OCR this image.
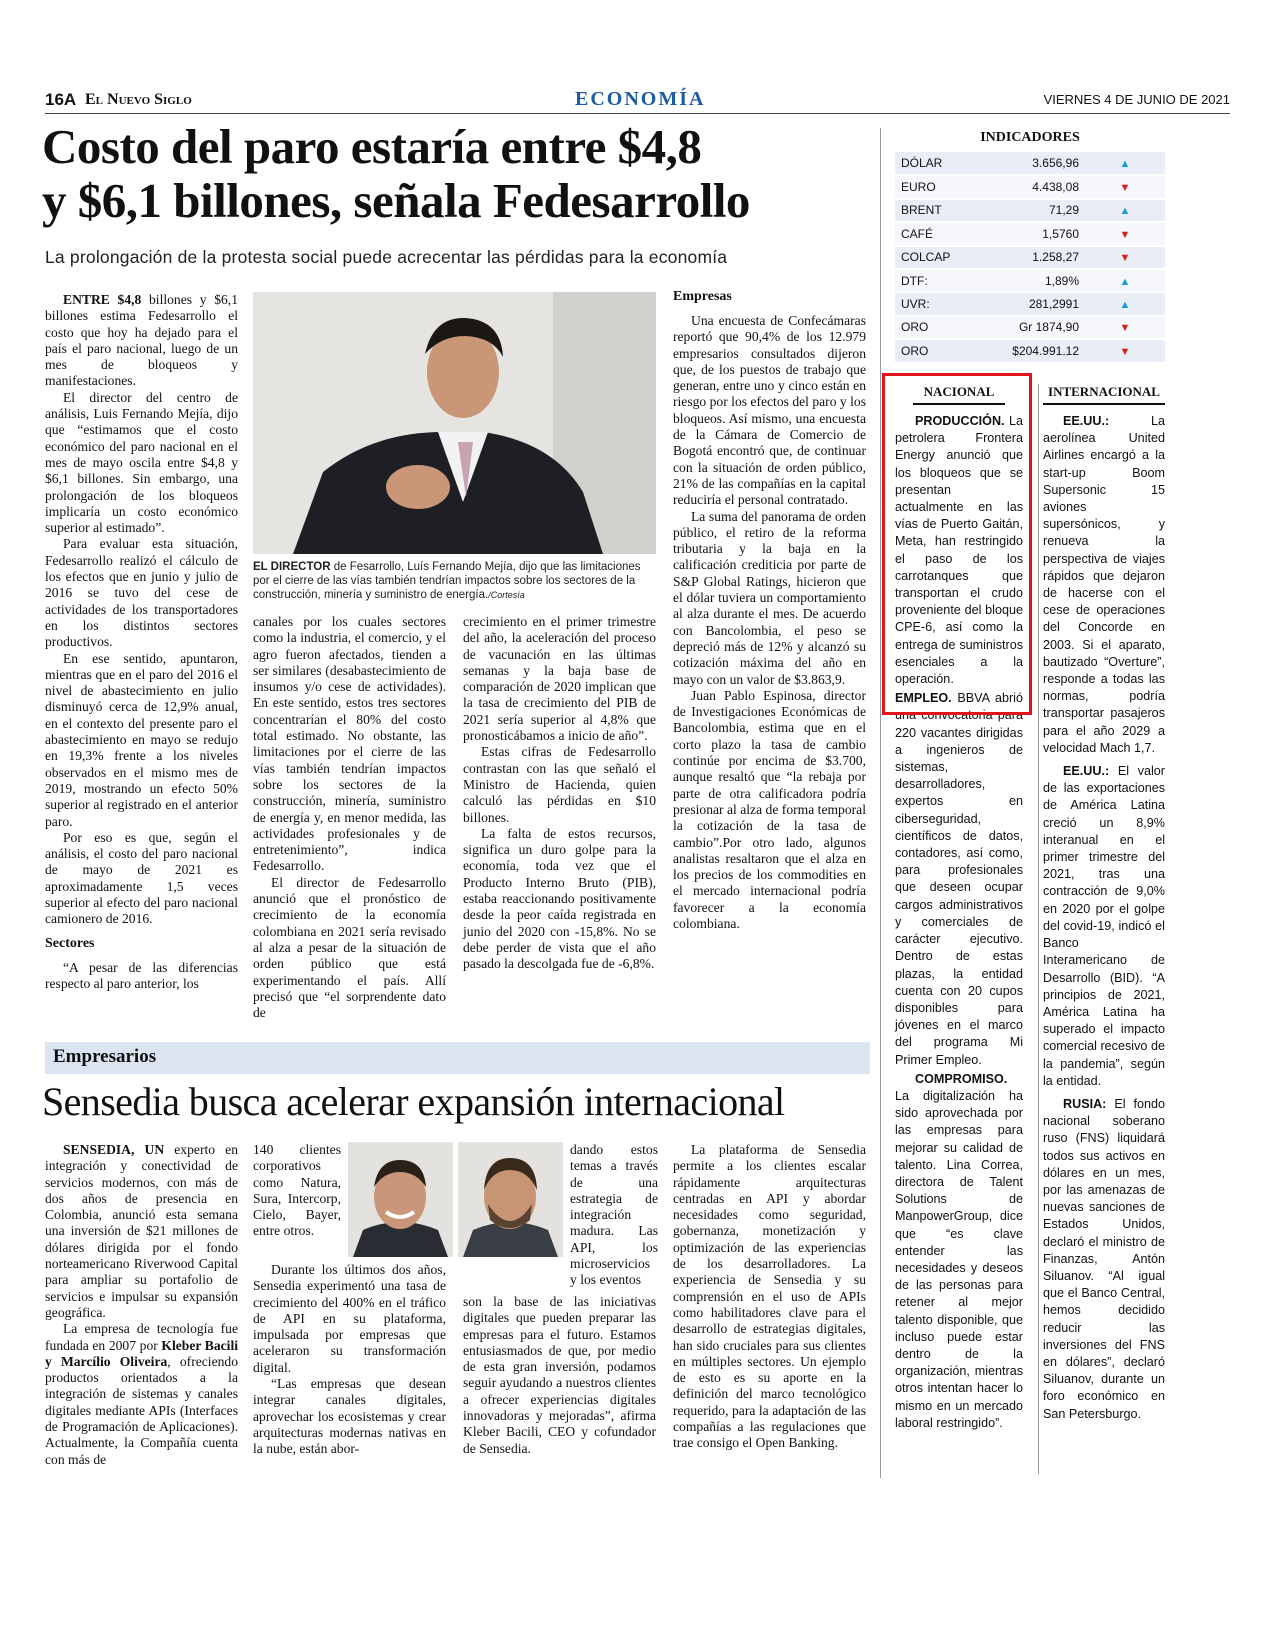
16A El Nuevo Siglo	ECONOMÍA	VIERNES 4 DE JUNIO DE 2021
Costo del paro estaría entre $4,8
y $6,1 billones, señala Fedesarrollo
La prolongación de la protesta social puede acrecentar las pérdidas para la economía

ENTRE $4,8 billones y $6,1 billones estima Fedesarrollo el costo que hoy ha dejado para el país el paro nacional, luego de un mes de bloqueos y manifestaciones.

El director del centro de análisis, Luis Fernando Mejía, dijo que “estimamos que el costo económico del paro nacional en el mes de mayo oscila entre $4,8 y $6,1 billones. Sin embargo, una prolongación de los bloqueos implicaría un costo económico superior al estimado”.

Para evaluar esta situación, Fedesarrollo realizó el cálculo de los efectos que en junio y julio de 2016 se tuvo del cese de actividades de los transportadores en los distintos sectores productivos.

En ese sentido, apuntaron, mientras que en el paro del 2016 el nivel de abastecimiento en julio disminuyó cerca de 12,9% anual, en el contexto del presente paro el abastecimiento en mayo se redujo en 19,3% frente a los niveles observados en el mismo mes de 2019, mostrando un efecto 50% superior al registrado en el anterior paro.

Por eso es que, según el análisis, el costo del paro nacional de mayo de 2021 es aproximadamente 1,5 veces superior al efecto del paro nacional camionero de 2016.

Sectores

“A pesar de las diferencias respecto al paro anterior, los

EL DIRECTOR de Fesarrollo, Luís Fernando Mejía, dijo que las limitaciones por el cierre de las vías también tendrían impactos sobre los sectores de la construcción, minería y suministro de energía./Cortesía

canales por los cuales sectores como la industria, el comercio, y el agro fueron afectados, tienden a ser similares (desabastecimiento de insumos y/o cese de actividades). En este sentido, estos tres sectores concentrarían el 80% del costo total estimado. No obstante, las limitaciones por el cierre de las vías también tendrían impactos sobre los sectores de la construcción, minería, suministro de energía y, en menor medida, las actividades profesionales y de entretenimiento”, indica Fedesarrollo.

El director de Fedesarrollo anunció que el pronóstico de crecimiento de la economía colombiana en 2021 sería revisado al alza a pesar de la situación de orden público que está experimentando el país. Allí precisó que “el sorprendente dato de

crecimiento en el primer trimestre del año, la aceleración del proceso de vacunación en las últimas semanas y la baja base de comparación de 2020 implican que la tasa de crecimiento del PIB de 2021 sería superior al 4,8% que pronosticábamos a inicio de año”.

Estas cifras de Fedesarrollo contrastan con las que señaló el Ministro de Hacienda, quien calculó las pérdidas en $10 billones.

La falta de estos recursos, significa un duro golpe para la economía, toda vez que el Producto Interno Bruto (PIB), estaba reaccionando positivamente desde la peor caída registrada en junio del 2020 con -15,8%. No se debe perder de vista que el año pasado la descolgada fue de -6,8%.

Empresas

Una encuesta de Confecámaras reportó que 90,4% de los 12.979 empresarios consultados dijeron que, de los puestos de trabajo que generan, entre uno y cinco están en riesgo por los efectos del paro y los bloqueos. Así mismo, una encuesta de la Cámara de Comercio de Bogotá encontró que, de continuar con la situación de orden público, 21% de las compañías en la capital reduciría el personal contratado.

La suma del panorama de orden público, el retiro de la reforma tributaria y la baja en la calificación crediticia por parte de S&P Global Ratings, hicieron que el dólar tuviera un comportamiento al alza durante el mes. De acuerdo con Bancolombia, el peso se depreció más de 12% y alcanzó su cotización máxima del año en mayo con un valor de $3.863,9.

Juan Pablo Espinosa, director de Investigaciones Económicas de Bancolombia, estima que en el corto plazo la tasa de cambio continúe por encima de $3.700, aunque resaltó que “la rebaja por parte de otra calificadora podría presionar al alza de forma temporal la cotización de la tasa de cambio”.Por otro lado, algunos analistas resaltaron que el alza en los precios de los commodities en el mercado internacional podría favorecer a la economía colombiana.

Empresarios
Sensedia busca acelerar expansión internacional

SENSEDIA, UN experto en integración y conectividad de servicios modernos, con más de dos años de presencia en Colombia, anunció esta semana una inversión de $21 millones de dólares dirigida por el fondo norteamericano Riverwood Capital para ampliar su portafolio de servicios e impulsar su expansión geográfica.

La empresa de tecnología fue fundada en 2007 por Kleber Bacili y Marcílio Oliveira, ofreciendo productos orientados a la integración de sistemas y canales digitales mediante APIs (Interfaces de Programación de Aplicaciones). Actualmente, la Compañía cuenta con más de

140 clientes corporativos como Natura, Sura, Intercorp, Cielo, Bayer, entre otros.

Durante los últimos dos años, Sensedia experimentó una tasa de crecimiento del 400% en el tráfico de API en su plataforma, impulsada por empresas que aceleraron su transformación digital.

“Las empresas que desean integrar canales digitales, aprovechar los ecosistemas y crear arquitecturas modernas nativas en la nube, están abor-

dando estos temas a través de una estrategia de integración madura. Las API, los microservicios y los eventos

son la base de las iniciativas digitales que pueden preparar las empresas para el futuro. Estamos entusiasmados de que, por medio de esta gran inversión, podamos seguir ayudando a nuestros clientes a ofrecer experiencias digitales innovadoras y mejoradas”, afirma Kleber Bacili, CEO y cofundador de Sensedia.

La plataforma de Sensedia permite a los clientes escalar rápidamente arquitecturas centradas en API y abordar necesidades como seguridad, gobernanza, monetización y optimización de las experiencias de los desarrolladores. La experiencia de Sensedia y su comprensión en el uso de APIs como habilitadores clave para el desarrollo de estrategias digitales, han sido cruciales para sus clientes en múltiples sectores. Un ejemplo de esto es su aporte en la definición del marco tecnológico requerido, para la adaptación de las compañías a las regulaciones que trae consigo el Open Banking.

INDICADORES
DÓLAR	3.656,96	▲
EURO	4.438,08	▼
BRENT	71,29	▲
CAFÉ	1,5760	▼
COLCAP	1.258,27	▼
DTF:	1,89%	▲
UVR:	281,2991	▲
ORO	Gr 1874,90	▼
ORO	$204.991.12	▼
NACIONAL

PRODUCCIÓN. La petrolera Frontera Energy anunció que los bloqueos que se presentan actualmente en las vías de Puerto Gaitán, Meta, han restringido el paso de los carrotanques que transportan el crudo proveniente del bloque CPE-6, así como la entrega de suministros esenciales a la operación.

EMPLEO. BBVA abrió una convocatoria para 220 vacantes dirigidas a ingenieros de sistemas, desarrolladores, expertos en ciberseguridad, científicos de datos, contadores, así como, para profesionales que deseen ocupar cargos administrativos y comerciales de carácter ejecutivo. Dentro de estas plazas, la entidad cuenta con 20 cupos disponibles para jóvenes en el marco del programa Mi Primer Empleo.

COMPROMISO. La digitalización ha sido aprovechada por las empresas para mejorar su calidad de talento. Lina Correa, directora de Talent Solutions de ManpowerGroup, dice que “es clave entender las necesidades y deseos de las personas para retener al mejor talento disponible, que incluso puede estar dentro de la organización, mientras otros intentan hacer lo mismo en un mercado laboral restringido”.

INTERNACIONAL

EE.UU.: La aerolínea United Airlines encargó a la start-up Boom Supersonic 15 aviones supersónicos, y renueva la perspectiva de viajes rápidos que dejaron de hacerse con el cese de operaciones del Concorde en 2003. Si el aparato, bautizado “Overture”, responde a todas las normas, podría transportar pasajeros para el año 2029 a velocidad Mach 1,7.

EE.UU.: El valor de las exportaciones de América Latina creció un 8,9% interanual en el primer trimestre del 2021, tras una contracción de 9,0% en 2020 por el golpe del covid-19, indicó el Banco Interamericano de Desarrollo (BID). “A principios de 2021, América Latina ha superado el impacto comercial recesivo de la pandemia”, según la entidad.

RUSIA: El fondo nacional soberano ruso (FNS) liquidará todos sus activos en dólares en un mes, por las amenazas de nuevas sanciones de Estados Unidos, declaró el ministro de Finanzas, Antón Siluanov. “Al igual que el Banco Central, hemos decidido reducir las inversiones del FNS en dólares”, declaró Siluanov, durante un foro económico en San Petersburgo.
